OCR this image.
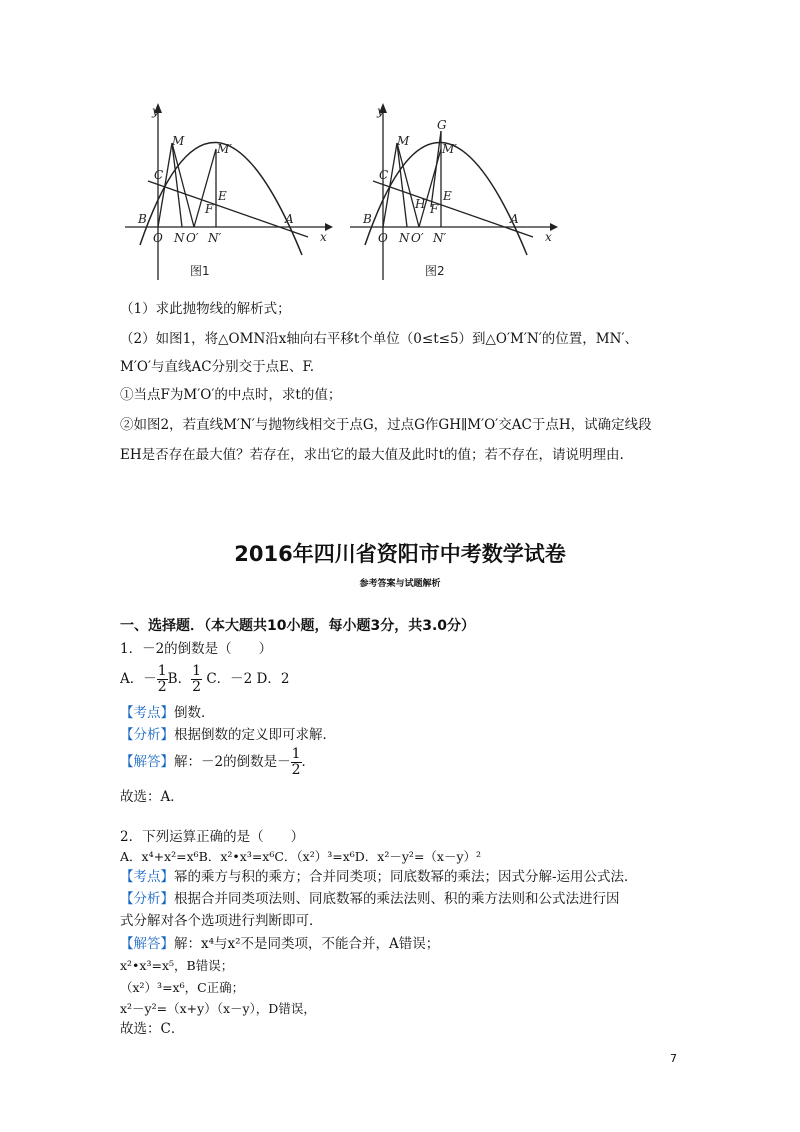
y
x
M
M′
C
E
F
B	A
O N O′ N′
图1
y
x
M
G
M′
C
E
H F
B	A
O N O′ N′
图2
（1）求此抛物线的解析式；
（2）如图1，将△OMN沿x轴向右平移t个单位（0≤t≤5）到△O′M′N′的位置，MN′、
M′O′与直线AC分别交于点E、F.
①当点F为M′O′的中点时，求t的值；
②如图2，若直线M′N′与抛物线相交于点G，过点G作GH∥M′O′交AC于点H，试确定线段
EH是否存在最大值？若存在，求出它的最大值及此时t的值；若不存在，请说明理由.
2016年四川省资阳市中考数学试卷
参考答案与试题解析
一、选择题．（本大题共10小题，每小题3分，共3.0分）
1．－2的倒数是（　　）
A．－ $\frac{1}{2}$ B． $\frac{1}{2}$ C．－2 D．2
【考点】倒数．
【分析】根据倒数的定义即可求解．
【解答】解：－2的倒数是－ $\frac{1}{2}$ ．
故选：A．
2．下列运算正确的是（　　）
A．x⁴+x²=x⁶B．x²•x³=x⁶C．（x²）³=x⁶D．x²－y²=（x－y）²
【考点】幂的乘方与积的乘方；合并同类项；同底数幂的乘法；因式分解-运用公式法．
【分析】根据合并同类项法则、同底数幂的乘法法则、积的乘方法则和公式法进行因
式分解对各个选项进行判断即可．
【解答】解：x⁴与x²不是同类项，不能合并，A错误；
x²•x³=x⁵，B错误；
（x²）³=x⁶，C正确；
x²－y²=（x+y）（x－y），D错误，
故选：C．
7
